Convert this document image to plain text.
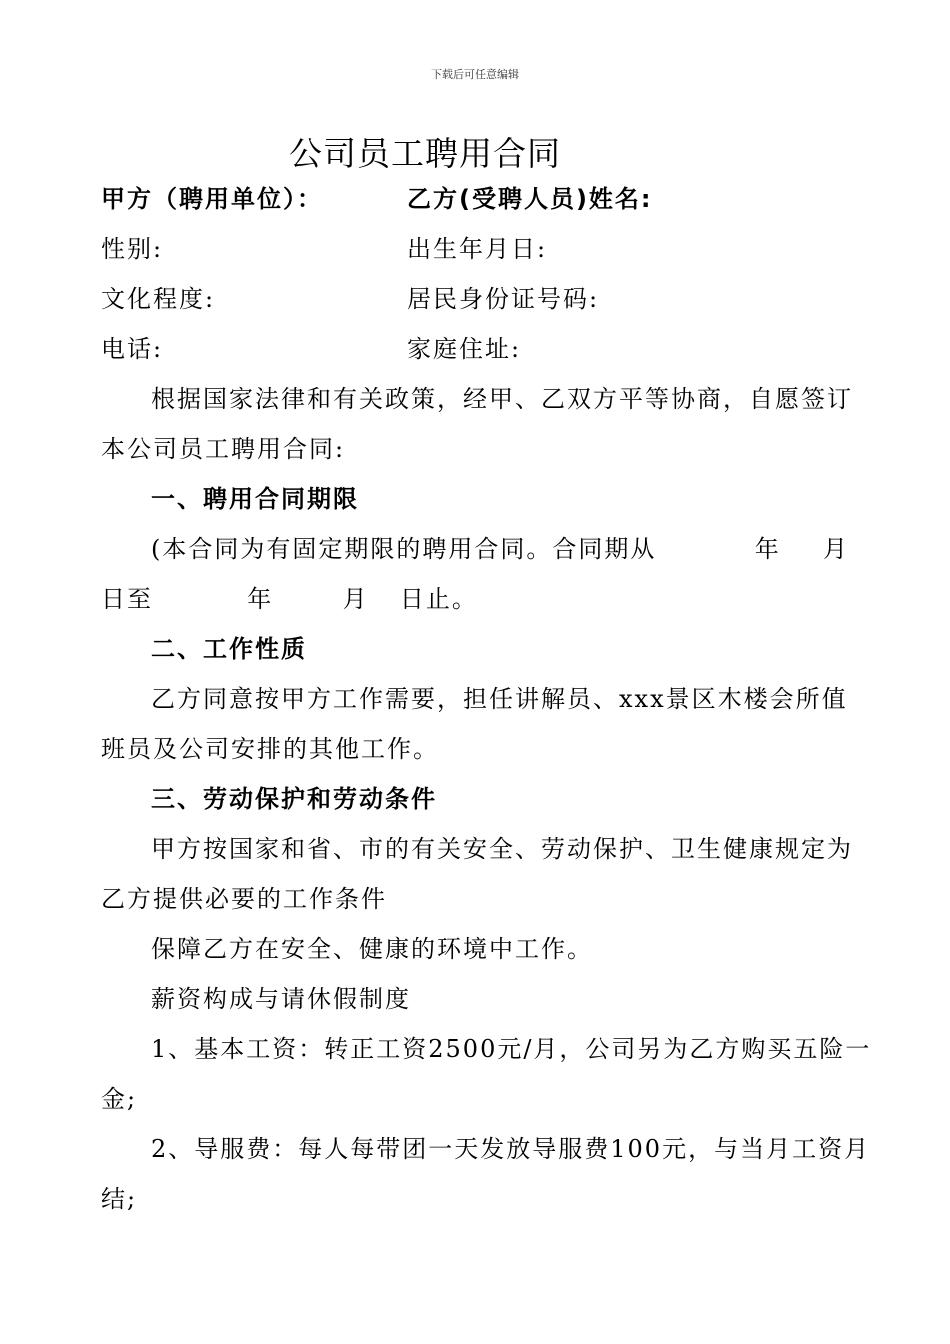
下载后可任意编辑
公司员工聘用合同
甲方（聘用单位）：	乙方(受聘人员)姓名:
性别:	出生年月日:
文化程度:	居民身份证号码:
电话:	家庭住址:
根据国家法律和有关政策，经甲、乙双方平等协商，自愿签订
本公司员工聘用合同:
一、聘用合同期限
(本合同为有固定期限的聘用合同。合同期从	年 月
日至	年	月 日止。
二、工作性质
乙方同意按甲方工作需要，担任讲解员、xxx景区木楼会所值
班员及公司安排的其他工作。
三、劳动保护和劳动条件
甲方按国家和省、市的有关安全、劳动保护、卫生健康规定为
乙方提供必要的工作条件
保障乙方在安全、健康的环境中工作。
薪资构成与请休假制度
1、基本工资：转正工资2500元/月，公司另为乙方购买五险一
金;
2、导服费：每人每带团一天发放导服费100元，与当月工资月
结;
